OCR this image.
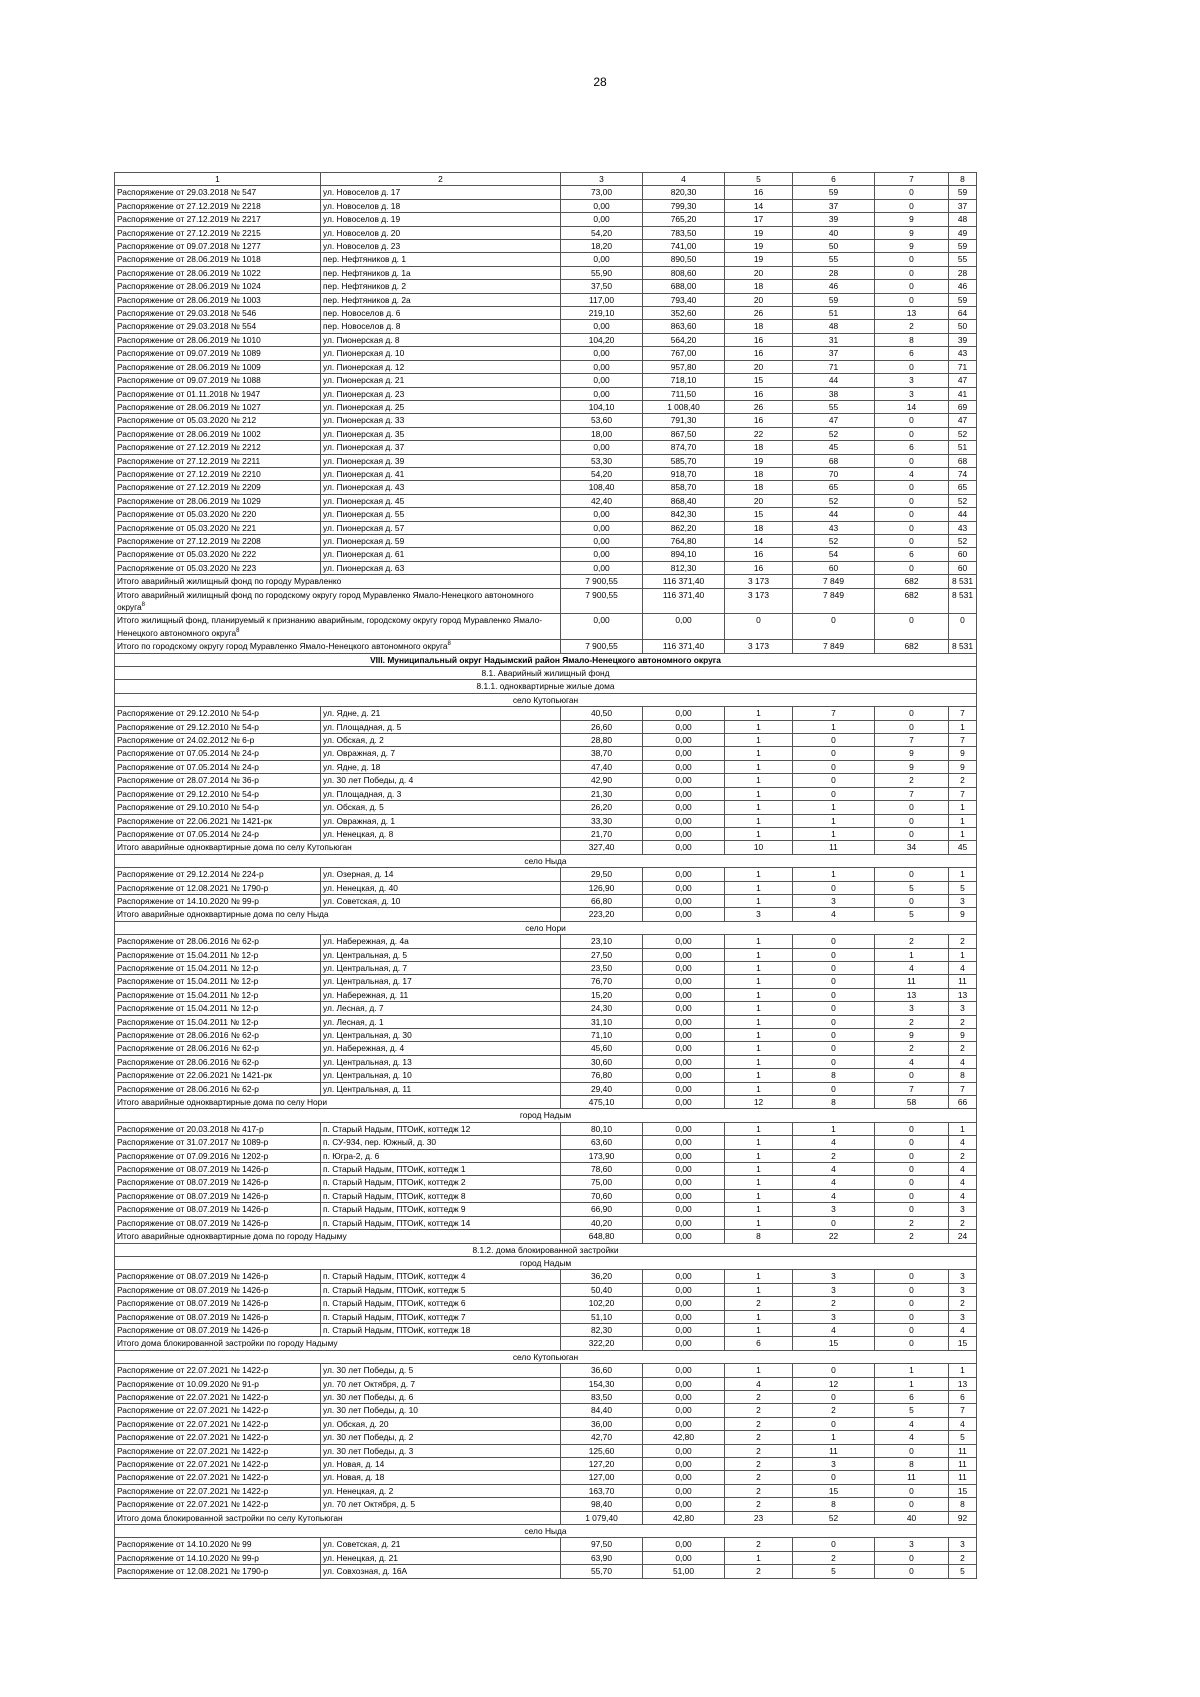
28
1	2	3	4	5	6	7	8
Распоряжение от 29.03.2018 № 547	ул. Новоселов д. 17	73,00	820,30	16	59	0	59
Распоряжение от 27.12.2019 № 2218	ул. Новоселов д. 18	0,00	799,30	14	37	0	37
Распоряжение от 27.12.2019 № 2217	ул. Новоселов д. 19	0,00	765,20	17	39	9	48
Распоряжение от 27.12.2019 № 2215	ул. Новоселов д. 20	54,20	783,50	19	40	9	49
Распоряжение от 09.07.2018 № 1277	ул. Новоселов д. 23	18,20	741,00	19	50	9	59
Распоряжение от 28.06.2019 № 1018	пер. Нефтяников д. 1	0,00	890,50	19	55	0	55
Распоряжение от 28.06.2019 № 1022	пер. Нефтяников д. 1а	55,90	808,60	20	28	0	28
Распоряжение от 28.06.2019 № 1024	пер. Нефтяников д. 2	37,50	688,00	18	46	0	46
Распоряжение от 28.06.2019 № 1003	пер. Нефтяников д. 2а	117,00	793,40	20	59	0	59
Распоряжение от 29.03.2018 № 546	пер. Новоселов д. 6	219,10	352,60	26	51	13	64
Распоряжение от 29.03.2018 № 554	пер. Новоселов д. 8	0,00	863,60	18	48	2	50
Распоряжение от 28.06.2019 № 1010	ул. Пионерская д. 8	104,20	564,20	16	31	8	39
Распоряжение от 09.07.2019 № 1089	ул. Пионерская д. 10	0,00	767,00	16	37	6	43
Распоряжение от 28.06.2019 № 1009	ул. Пионерская д. 12	0,00	957,80	20	71	0	71
Распоряжение от 09.07.2019 № 1088	ул. Пионерская д. 21	0,00	718,10	15	44	3	47
Распоряжение от 01.11.2018 № 1947	ул. Пионерская д. 23	0,00	711,50	16	38	3	41
Распоряжение от 28.06.2019 № 1027	ул. Пионерская д. 25	104,10	1 008,40	26	55	14	69
Распоряжение от 05.03.2020 № 212	ул. Пионерская д. 33	53,60	791,30	16	47	0	47
Распоряжение от 28.06.2019 № 1002	ул. Пионерская д. 35	18,00	867,50	22	52	0	52
Распоряжение от 27.12.2019 № 2212	ул. Пионерская д. 37	0,00	874,70	18	45	6	51
Распоряжение от 27.12.2019 № 2211	ул. Пионерская д. 39	53,30	585,70	19	68	0	68
Распоряжение от 27.12.2019 № 2210	ул. Пионерская д. 41	54,20	918,70	18	70	4	74
Распоряжение от 27.12.2019 № 2209	ул. Пионерская д. 43	108,40	858,70	18	65	0	65
Распоряжение от 28.06.2019 № 1029	ул. Пионерская д. 45	42,40	868,40	20	52	0	52
Распоряжение от 05.03.2020 № 220	ул. Пионерская д. 55	0,00	842,30	15	44	0	44
Распоряжение от 05.03.2020 № 221	ул. Пионерская д. 57	0,00	862,20	18	43	0	43
Распоряжение от 27.12.2019 № 2208	ул. Пионерская д. 59	0,00	764,80	14	52	0	52
Распоряжение от 05.03.2020 № 222	ул. Пионерская д. 61	0,00	894,10	16	54	6	60
Распоряжение от 05.03.2020 № 223	ул. Пионерская д. 63	0,00	812,30	16	60	0	60
Итого аварийный жилищный фонд по городу Муравленко		7 900,55	116 371,40	3 173	7 849	682	8 531
Итого аварийный жилищный фонд по городскому округу город Муравленко Ямало-Ненецкого автономного округа$^8$		7 900,55	116 371,40	3 173	7 849	682	8 531
Итого жилищный фонд, планируемый к признанию аварийным, городскому округу город Муравленко Ямало-Ненецкого автономного округа$^8$		0,00	0,00	0	0	0	0
Итого по городскому округу город Муравленко Ямало-Ненецкого автономного округа$^8$		7 900,55	116 371,40	3 173	7 849	682	8 531
VIII. Муниципальный округ Надымский район Ямало-Ненецкого автономного округа							
8.1. Аварийный жилищный фонд							
8.1.1. одноквартирные жилые дома							
село Кутопьюган							
Распоряжение от 29.12.2010 № 54-р	ул. Ядне, д. 21	40,50	0,00	1	7	0	7
Распоряжение от 29.12.2010 № 54-р	ул. Площадная, д. 5	26,60	0,00	1	1	0	1
Распоряжение от 24.02.2012 № 6-р	ул. Обская, д. 2	28,80	0,00	1	0	7	7
Распоряжение от 07.05.2014 № 24-р	ул. Овражная, д. 7	38,70	0,00	1	0	9	9
Распоряжение от 07.05.2014 № 24-р	ул. Ядне, д. 18	47,40	0,00	1	0	9	9
Распоряжение от 28.07.2014 № 36-р	ул. 30 лет Победы, д. 4	42,90	0,00	1	0	2	2
Распоряжение от 29.12.2010 № 54-р	ул. Площадная, д. 3	21,30	0,00	1	0	7	7
Распоряжение от 29.10.2010 № 54-р	ул. Обская, д. 5	26,20	0,00	1	1	0	1
Распоряжение от 22.06.2021 № 1421-рк	ул. Овражная, д. 1	33,30	0,00	1	1	0	1
Распоряжение от 07.05.2014 № 24-р	ул. Ненецкая, д. 8	21,70	0,00	1	1	0	1
Итого аварийные одноквартирные дома по селу Кутопьюган		327,40	0,00	10	11	34	45
село Ныда							
Распоряжение от 29.12.2014 № 224-р	ул. Озерная, д. 14	29,50	0,00	1	1	0	1
Распоряжение от 12.08.2021 № 1790-р	ул. Ненецкая, д. 40	126,90	0,00	1	0	5	5
Распоряжение от 14.10.2020 № 99-р	ул. Советская, д. 10	66,80	0,00	1	3	0	3
Итого аварийные одноквартирные дома по селу Ныда		223,20	0,00	3	4	5	9
село Нори							
Распоряжение от 28.06.2016 № 62-р	ул. Набережная, д. 4а	23,10	0,00	1	0	2	2
Распоряжение от 15.04.2011 № 12-р	ул. Центральная, д. 5	27,50	0,00	1	0	1	1
Распоряжение от 15.04.2011 № 12-р	ул. Центральная, д. 7	23,50	0,00	1	0	4	4
Распоряжение от 15.04.2011 № 12-р	ул. Центральная, д. 17	76,70	0,00	1	0	11	11
Распоряжение от 15.04.2011 № 12-р	ул. Набережная, д. 11	15,20	0,00	1	0	13	13
Распоряжение от 15.04.2011 № 12-р	ул. Лесная, д. 7	24,30	0,00	1	0	3	3
Распоряжение от 15.04.2011 № 12-р	ул. Лесная, д. 1	31,10	0,00	1	0	2	2
Распоряжение от 28.06.2016 № 62-р	ул. Центральная, д. 30	71,10	0,00	1	0	9	9
Распоряжение от 28.06.2016 № 62-р	ул. Набережная, д. 4	45,60	0,00	1	0	2	2
Распоряжение от 28.06.2016 № 62-р	ул. Центральная, д. 13	30,60	0,00	1	0	4	4
Распоряжение от 22.06.2021 № 1421-рк	ул. Центральная, д. 10	76,80	0,00	1	8	0	8
Распоряжение от 28.06.2016 № 62-р	ул. Центральная, д. 11	29,40	0,00	1	0	7	7
Итого аварийные одноквартирные дома по селу Нори		475,10	0,00	12	8	58	66
город Надым							
Распоряжение от 20.03.2018 № 417-р	п. Старый Надым, ПТОиК, коттедж 12	80,10	0,00	1	1	0	1
Распоряжение от 31.07.2017 № 1089-р	п. СУ-934, пер. Южный, д. 30	63,60	0,00	1	4	0	4
Распоряжение от 07.09.2016 № 1202-р	п. Югра-2, д. 6	173,90	0,00	1	2	0	2
Распоряжение от 08.07.2019 № 1426-р	п. Старый Надым, ПТОиК, коттедж 1	78,60	0,00	1	4	0	4
Распоряжение от 08.07.2019 № 1426-р	п. Старый Надым, ПТОиК, коттедж 2	75,00	0,00	1	4	0	4
Распоряжение от 08.07.2019 № 1426-р	п. Старый Надым, ПТОиК, коттедж 8	70,60	0,00	1	4	0	4
Распоряжение от 08.07.2019 № 1426-р	п. Старый Надым, ПТОиК, коттедж 9	66,90	0,00	1	3	0	3
Распоряжение от 08.07.2019 № 1426-р	п. Старый Надым, ПТОиК, коттедж 14	40,20	0,00	1	0	2	2
Итого аварийные одноквартирные дома по городу Надыму		648,80	0,00	8	22	2	24
8.1.2. дома блокированной застройки							
город Надым							
Распоряжение от 08.07.2019 № 1426-р	п. Старый Надым, ПТОиК, коттедж 4	36,20	0,00	1	3	0	3
Распоряжение от 08.07.2019 № 1426-р	п. Старый Надым, ПТОиК, коттедж 5	50,40	0,00	1	3	0	3
Распоряжение от 08.07.2019 № 1426-р	п. Старый Надым, ПТОиК, коттедж 6	102,20	0,00	2	2	0	2
Распоряжение от 08.07.2019 № 1426-р	п. Старый Надым, ПТОиК, коттедж 7	51,10	0,00	1	3	0	3
Распоряжение от 08.07.2019 № 1426-р	п. Старый Надым, ПТОиК, коттедж 18	82,30	0,00	1	4	0	4
Итого дома блокированной застройки по городу Надыму		322,20	0,00	6	15	0	15
село Кутопьюган							
Распоряжение от 22.07.2021 № 1422-р	ул. 30 лет Победы, д. 5	36,60	0,00	1	0	1	1
Распоряжение от 10.09.2020 № 91-р	ул. 70 лет Октября, д. 7	154,30	0,00	4	12	1	13
Распоряжение от 22.07.2021 № 1422-р	ул. 30 лет Победы, д. 6	83,50	0,00	2	0	6	6
Распоряжение от 22.07.2021 № 1422-р	ул. 30 лет Победы, д. 10	84,40	0,00	2	2	5	7
Распоряжение от 22.07.2021 № 1422-р	ул. Обская, д. 20	36,00	0,00	2	0	4	4
Распоряжение от 22.07.2021 № 1422-р	ул. 30 лет Победы, д. 2	42,70	42,80	2	1	4	5
Распоряжение от 22.07.2021 № 1422-р	ул. 30 лет Победы, д. 3	125,60	0,00	2	11	0	11
Распоряжение от 22.07.2021 № 1422-р	ул. Новая, д. 14	127,20	0,00	2	3	8	11
Распоряжение от 22.07.2021 № 1422-р	ул. Новая, д. 18	127,00	0,00	2	0	11	11
Распоряжение от 22.07.2021 № 1422-р	ул. Ненецкая, д. 2	163,70	0,00	2	15	0	15
Распоряжение от 22.07.2021 № 1422-р	ул. 70 лет Октября, д. 5	98,40	0,00	2	8	0	8
Итого дома блокированной застройки по селу Кутопьюган		1 079,40	42,80	23	52	40	92
село Ныда							
Распоряжение от 14.10.2020 № 99	ул. Советская, д. 21	97,50	0,00	2	0	3	3
Распоряжение от 14.10.2020 № 99-р	ул. Ненецкая, д. 21	63,90	0,00	1	2	0	2
Распоряжение от 12.08.2021 № 1790-р	ул. Совхозная, д. 16А	55,70	51,00	2	5	0	5
